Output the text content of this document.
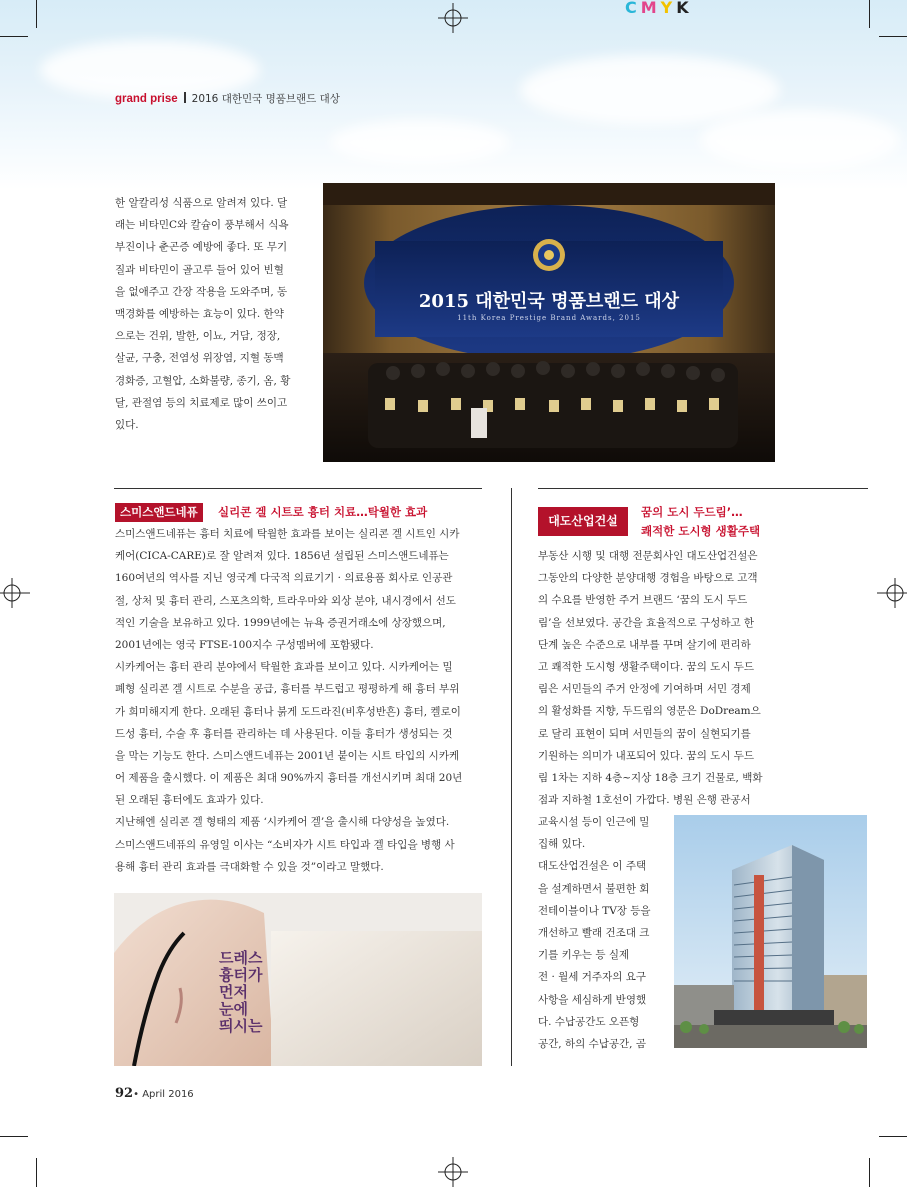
CMYK
grand prise 2016 대한민국 명품브랜드 대상
한 알칼리성 식품으로 알려져 있다. 달
래는 비타민C와 칼슘이 풍부해서 식욕
부진이나 춘곤증 예방에 좋다. 또 무기
질과 비타민이 골고루 들어 있어 빈혈
을 없애주고 간장 작용을 도와주며, 동
맥경화를 예방하는 효능이 있다. 한약
으로는 건위, 발한, 이뇨, 거담, 정장,
살균, 구충, 전염성 위장염, 지혈 동맥
경화증, 고혈압, 소화불량, 종기, 옴, 황
달, 관절염 등의 치료제로 많이 쓰이고
있다.
2015 대한민국 명품브랜드 대상
11th Korea Prestige Brand Awards, 2015
스미스앤드네퓨	실리콘 겔 시트로 흉터 치료…탁월한 효과
스미스앤드네퓨는 흉터 치료에 탁월한 효과를 보이는 실리콘 겔 시트인 시카
케어(CICA-CARE)로 잘 알려져 있다. 1856년 설립된 스미스앤드네퓨는
160여년의 역사를 지닌 영국계 다국적 의료기기 · 의료용품 회사로 인공관
절, 상처 및 흉터 관리, 스포츠의학, 트라우마와 외상 분야, 내시경에서 선도
적인 기술을 보유하고 있다. 1999년에는 뉴욕 증권거래소에 상장했으며,
2001년에는 영국 FTSE-100지수 구성멤버에 포함됐다.
시카케어는 흉터 관리 분야에서 탁월한 효과를 보이고 있다. 시카케어는 밀
폐형 실리콘 겔 시트로 수분을 공급, 흉터를 부드럽고 평평하게 해 흉터 부위
가 희미해지게 한다. 오래된 흉터나 붉게 도드라진(비후성반흔) 흉터, 켈로이
드성 흉터, 수술 후 흉터를 관리하는 데 사용된다. 이들 흉터가 생성되는 것
을 막는 기능도 한다. 스미스앤드네퓨는 2001년 붙이는 시트 타입의 시카케
어 제품을 출시했다. 이 제품은 최대 90%까지 흉터를 개선시키며 최대 20년
된 오래된 흉터에도 효과가 있다.
지난해엔 실리콘 겔 형태의 제품 ‘시카케어 겔’을 출시해 다양성을 높였다.
스미스앤드네퓨의 유영일 이사는 “소비자가 시트 타입과 겔 타입을 병행 사
용해 흉터 관리 효과를 극대화할 수 있을 것”이라고 말했다.
드레스
흉터가
먼저
눈에
띄시는
대도산업건설
꿈의 도시 두드림’…
쾌적한 도시형 생활주택
부동산 시행 및 대행 전문회사인 대도산업건설은
그동안의 다양한 분양대행 경험을 바탕으로 고객
의 수요를 반영한 주거 브랜드 ‘꿈의 도시 두드
림’을 선보였다. 공간을 효율적으로 구성하고 한
단계 높은 수준으로 내부를 꾸며 살기에 편리하
고 쾌적한 도시형 생활주택이다. 꿈의 도시 두드
림은 서민들의 주거 안정에 기여하며 서민 경제
의 활성화를 지향, 두드림의 영문은 DoDream으
로 달리 표현이 되며 서민들의 꿈이 실현되기를
기원하는 의미가 내포되어 있다. 꿈의 도시 두드
림 1차는 지하 4층~지상 18층 크기 건물로, 백화
점과 지하철 1호선이 가깝다. 병원 은행 관공서
교육시설 등이 인근에 밀
집해 있다.
대도산업건설은 이 주택
을 설계하면서 불편한 회
전테이블이나 TV장 등을
개선하고 빨래 건조대 크
기를 키우는 등 실제
전 · 월세 거주자의 요구
사항을 세심하게 반영했
다. 수납공간도 오픈형
공간, 하의 수납공간, 곰
92• April 2016
